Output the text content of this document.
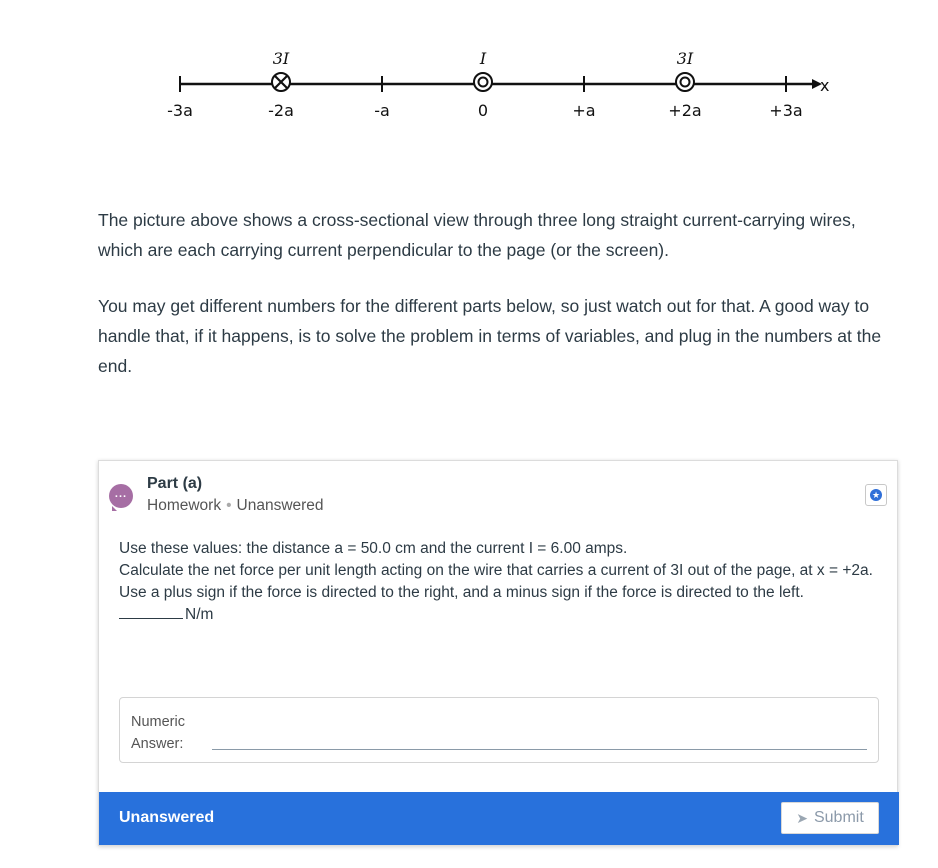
x
-3a	-2a	-a	0	+a	+2a	+3a
3I	I	3I
The picture above shows a cross-sectional view through three long straight current-carrying wires, which are each carrying current perpendicular to the page (or the screen).
You may get different numbers for the different parts below, so just watch out for that. A good way to handle that, if it happens, is to solve the problem in terms of variables, and plug in the numbers at the end.
...
Part (a)
Homework • Unanswered
★
Use these values: the distance a = 50.0 cm and the current I = 6.00 amps.
Calculate the net force per unit length acting on the wire that carries a current of 3I out of the page, at x = +2a. Use a plus sign if the force is directed to the right, and a minus sign if the force is directed to the left.
N/m
Numeric Answer:
Unanswered	➤ Submit
